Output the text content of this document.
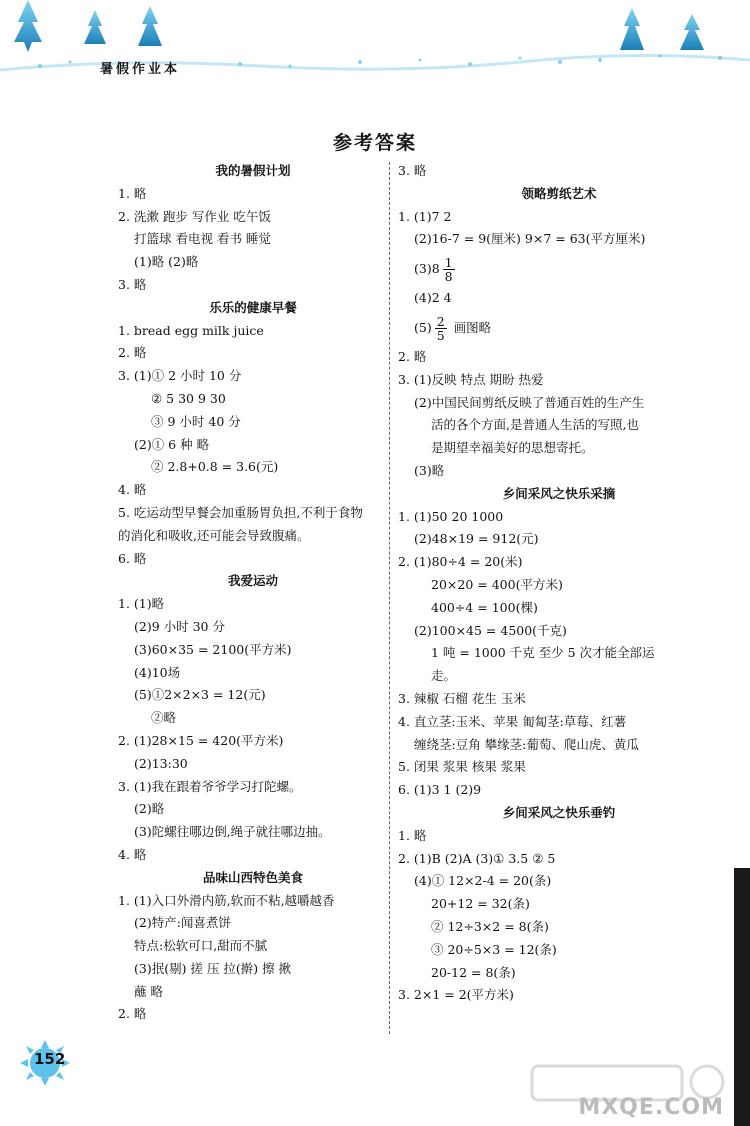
暑假作业本
参考答案
我的暑假计划
1. 略
2. 洗漱 跑步 写作业 吃午饭
打篮球 看电视 看书 睡觉
(1)略 (2)略
3. 略
乐乐的健康早餐
1. bread egg milk juice
2. 略
3. (1)① 2 小时 10 分
② 5 30 9 30
③ 9 小时 40 分
(2)① 6 种 略
② 2.8+0.8 = 3.6(元)
4. 略
5. 吃运动型早餐会加重肠胃负担,不利于食物
的消化和吸收,还可能会导致腹痛。
6. 略
我爱运动
1. (1)略
(2)9 小时 30 分
(3)60×35 = 2100(平方米)
(4)10场
(5)①2×2×3 = 12(元)
②略
2. (1)28×15 = 420(平方米)
(2)13:30
3. (1)我在跟着爷爷学习打陀螺。
(2)略
(3)陀螺往哪边倒,绳子就往哪边抽。
4. 略
品味山西特色美食
1. (1)入口外滑内筋,软而不粘,越嚼越香
(2)特产:闻喜煮饼
特点:松软可口,甜而不腻
(3)抿(剔) 搓 压 拉(擀) 擦 揪
蘸 略
2. 略
3. 略
领略剪纸艺术
1. (1)7 2
(2)16-7 = 9(厘米) 9×7 = 63(平方厘米)
$(3)8 \frac{1}{8}$
(4)2 4
$(5) \frac{2}{5}$ 画图略
2. 略
3. (1)反映 特点 期盼 热爱
(2)中国民间剪纸反映了普通百姓的生产生
活的各个方面,是普通人生活的写照,也
是期望幸福美好的思想寄托。
(3)略
乡间采风之快乐采摘
1. (1)50 20 1000
(2)48×19 = 912(元)
2. (1)80÷4 = 20(米)
20×20 = 400(平方米)
400÷4 = 100(棵)
(2)100×45 = 4500(千克)
1 吨 = 1000 千克 至少 5 次才能全部运
走。
3. 辣椒 石榴 花生 玉米
4. 直立茎:玉米、苹果 匍匐茎:草莓、红薯
缠绕茎:豆角 攀缘茎:葡萄、爬山虎、黄瓜
5. 闭果 浆果 核果 浆果
6. (1)3 1 (2)9
乡间采风之快乐垂钓
1. 略
2. (1)B (2)A (3)① 3.5 ② 5
(4)① 12×2-4 = 20(条)
20+12 = 32(条)
② 12÷3×2 = 8(条)
③ 20÷5×3 = 12(条)
20-12 = 8(条)
3. 2×1 = 2(平方米)
152
MXQE.COM
